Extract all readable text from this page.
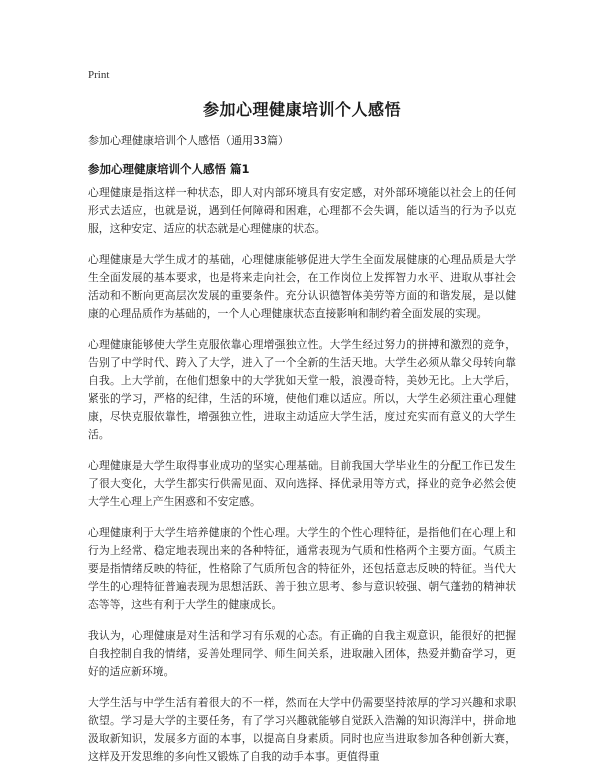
Print
参加心理健康培训个人感悟
参加心理健康培训个人感悟（通用33篇）
参加心理健康培训个人感悟 篇1

心理健康是指这样一种状态，即人对内部环境具有安定感，对外部环境能以社会上的任何形式去适应，也就是说，遇到任何障碍和困难，心理都不会失调，能以适当的行为予以克服，这种安定、适应的状态就是心理健康的状态。

心理健康是大学生成才的基础，心理健康能够促进大学生全面发展健康的心理品质是大学生全面发展的基本要求，也是将来走向社会，在工作岗位上发挥智力水平、进取从事社会活动和不断向更高层次发展的重要条件。充分认识德智体美劳等方面的和谐发展，是以健康的心理品质作为基础的，一个人心理健康状态直接影响和制约着全面发展的实现。

心理健康能够使大学生克服依靠心理增强独立性。大学生经过努力的拼搏和激烈的竞争，告别了中学时代、跨入了大学，进入了一个全新的生活天地。大学生必须从靠父母转向靠自我。上大学前，在他们想象中的大学犹如天堂一般，浪漫奇特，美妙无比。上大学后，紧张的学习，严格的纪律，生活的环境，使他们难以适应。所以，大学生必须注重心理健康，尽快克服依靠性，增强独立性，进取主动适应大学生活，度过充实而有意义的大学生活。

心理健康是大学生取得事业成功的坚实心理基础。目前我国大学毕业生的分配工作已发生了很大变化，大学生都实行供需见面、双向选择、择优录用等方式，择业的竞争必然会使大学生心理上产生困惑和不安定感。

心理健康利于大学生培养健康的个性心理。大学生的个性心理特征，是指他们在心理上和行为上经常、稳定地表现出来的各种特征，通常表现为气质和性格两个主要方面。气质主要是指情绪反映的特征，性格除了气质所包含的特征外，还包括意志反映的特征。当代大学生的心理特征普遍表现为思想活跃、善于独立思考、参与意识较强、朝气蓬勃的精神状态等等，这些有利于大学生的健康成长。

我认为，心理健康是对生活和学习有乐观的心态。有正确的自我主观意识，能很好的把握自我控制自我的情绪，妥善处理同学、师生间关系，进取融入团体，热爱并勤奋学习，更好的适应新环境。

大学生活与中学生活有着很大的不一样，然而在大学中仍需要坚持浓厚的学习兴趣和求职欲望。学习是大学的主要任务，有了学习兴趣就能够自觉跃入浩瀚的知识海洋中，拼命地汲取新知识，发展多方面的本事，以提高自身素质。同时也应当进取参加各种创新大赛，这样及开发思维的多向性又锻炼了自我的动手本事。更值得重
